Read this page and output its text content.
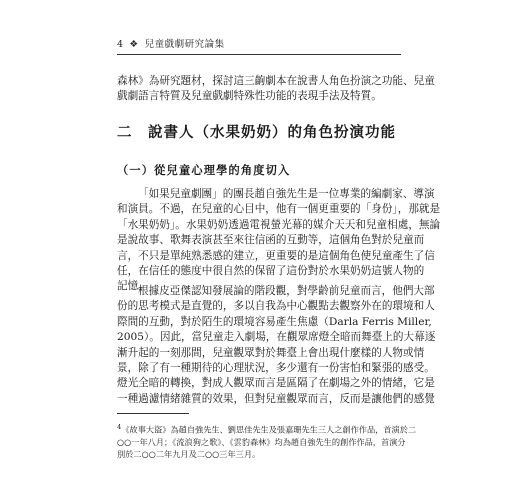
4 ❖ 兒童戲劇研究論集

森林》為研究題材，探討這三齣劇本在說書人角色扮演之功能、兒童
戲劇語言特質及兒童戲劇特殊性功能的表現手法及特質。

二　說書人（水果奶奶）的角色扮演功能
（一）從兒童心理學的角度切入

「如果兒童劇團」的團長趙自強先生是一位專業的編劇家、導演
和演員。不過，在兒童的心目中，他有一個更重要的「身份」，那就是
「水果奶奶」。水果奶奶透過電視螢光幕的媒介天天和兒童相處，無論
是說故事、歌舞表演甚至來往信函的互動等，這個角色對於兒童而
言，不只是單純熟悉感的建立，更重要的是這個角色使兒童產生了信
任，在信任的態度中很自然的保留了這份對於水果奶奶這號人物的
記憶。

根據皮亞傑認知發展論的階段觀，對學齡前兒童而言，他們大部
份的思考模式是直覺的，多以自我為中心觀點去觀察外在的環境和人
際間的互動，對於陌生的環境容易產生焦慮（Darla Ferris Miller,
2005）。因此，當兒童走入劇場，在觀眾席燈全暗而舞臺上的大幕逐
漸升起的一刻那間，兒童觀眾對於舞臺上會出現什麼樣的人物或情
景，除了有一種期待的心理狀況，多少還有一份害怕和緊張的感受。
燈光全暗的轉換，對成人觀眾而言是區隔了在劇場之外的情緒，它是
一種過濾情緒雜質的效果，但對兒童觀眾而言，反而是讓他們的感覺

$^4$《故事大盜》為趙自強先生、劉思佳先生及張嘉珊先生三人之創作作品，首演於二
○○一年八月；《流浪狗之歌》、《雲豹森林》均為趙自強先生的創作作品，首演分
別於二○○二年九月及二○○三年三月。
